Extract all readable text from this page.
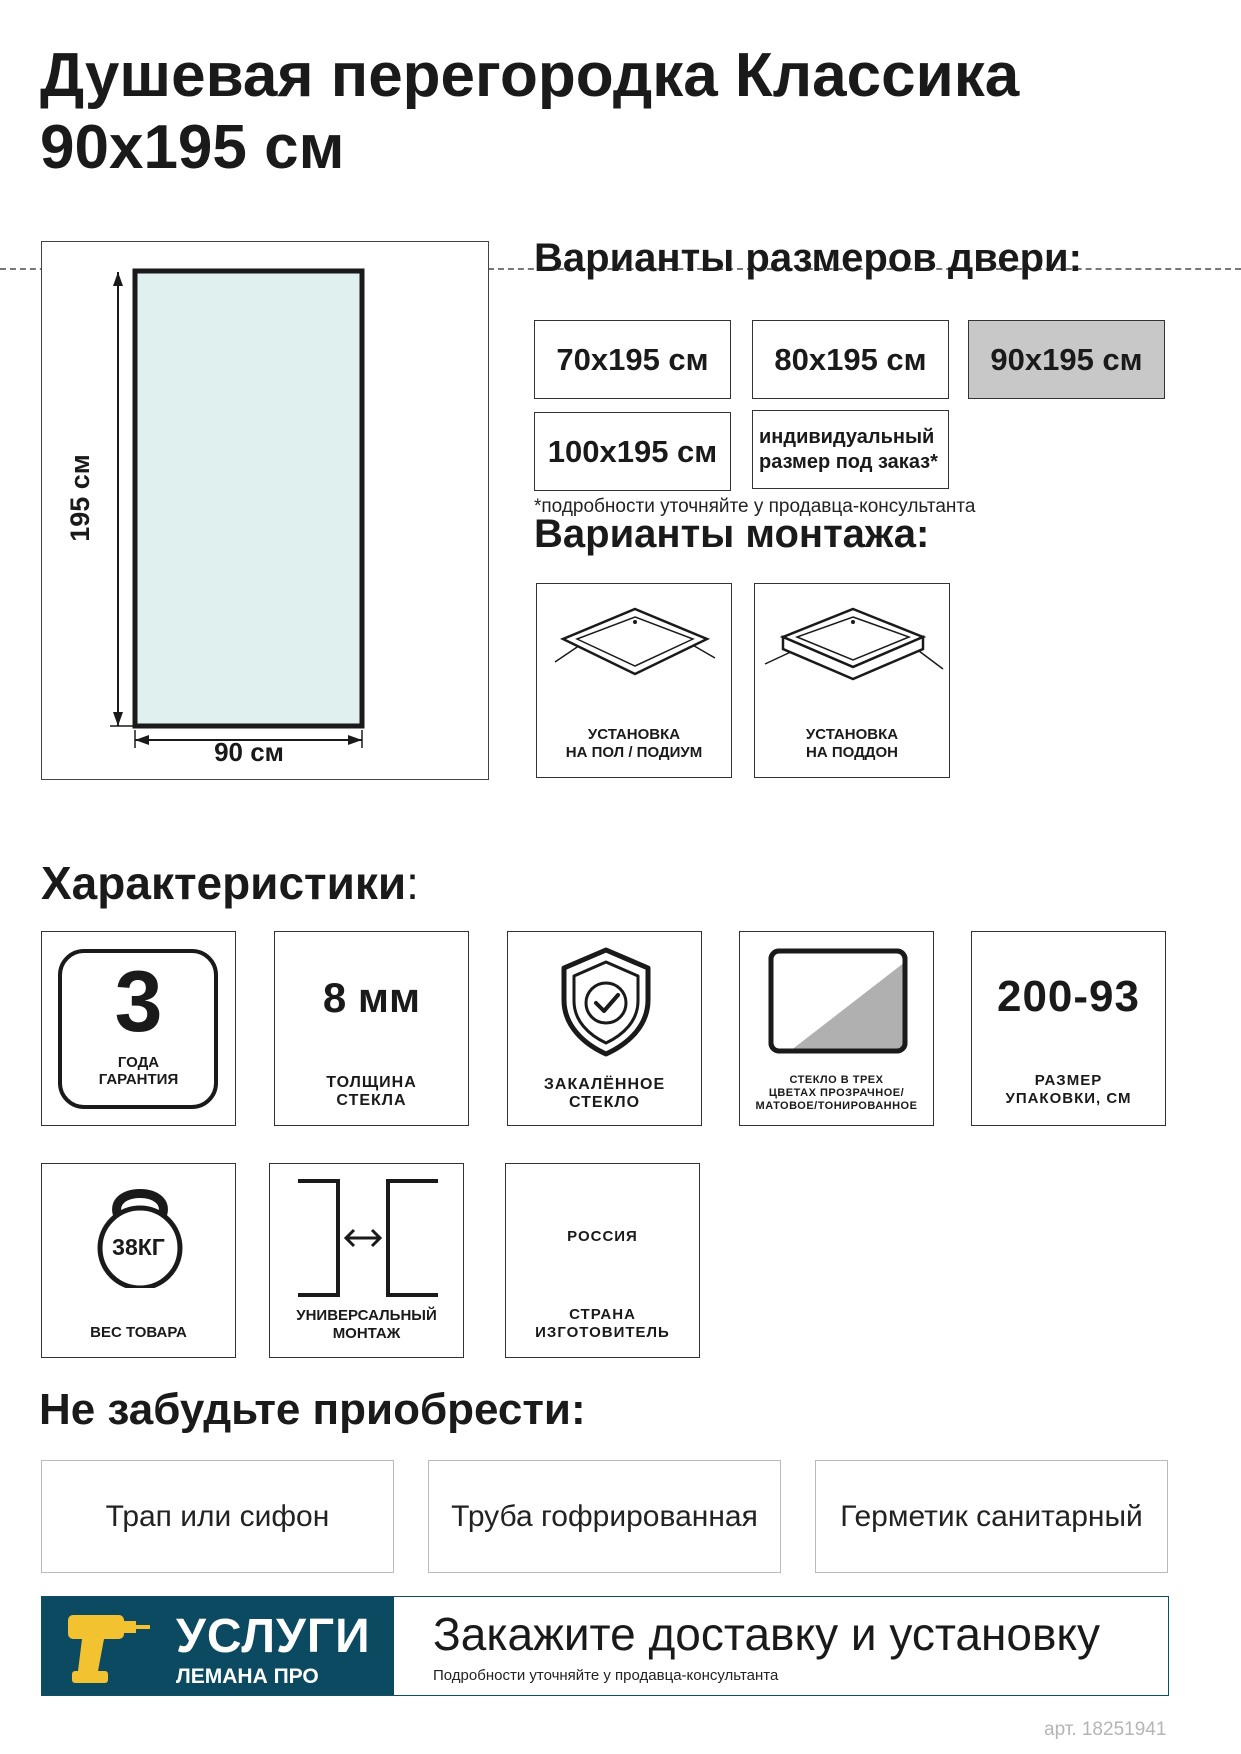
Душевая перегородка Классика
90х195 см
195 см
90 см
Варианты размеров двери:
70х195 см	80х195 см	90х195 см
100х195 см	индивидуальный
размер под заказ*
*подробности уточняйте у продавца-консультанта
Варианты монтажа:
УСТАНОВКА
НА ПОЛ / ПОДИУМ
УСТАНОВКА
НА ПОДДОН
Характеристики:
3
ГОДА
ГАРАНТИЯ
8 мм
ТОЛЩИНА
СТЕКЛА
ЗАКАЛЁННОЕ
СТЕКЛО
СТЕКЛО В ТРЕХ
ЦВЕТАХ ПРОЗРАЧНОЕ/
МАТОВОЕ/ТОНИРОВАННОЕ
200-93
РАЗМЕР
УПАКОВКИ, СМ
38КГ
ВЕС ТОВАРА
УНИВЕРСАЛЬНЫЙ
МОНТАЖ
РОССИЯ
СТРАНА
ИЗГОТОВИТЕЛЬ
Не забудьте приобрести:
Трап или сифон	Труба гофрированная	Герметик санитарный
УСЛУГИ
ЛЕМАНА ПРО
Закажите доставку и установку
Подробности уточняйте у продавца-консультанта
арт. 18251941
